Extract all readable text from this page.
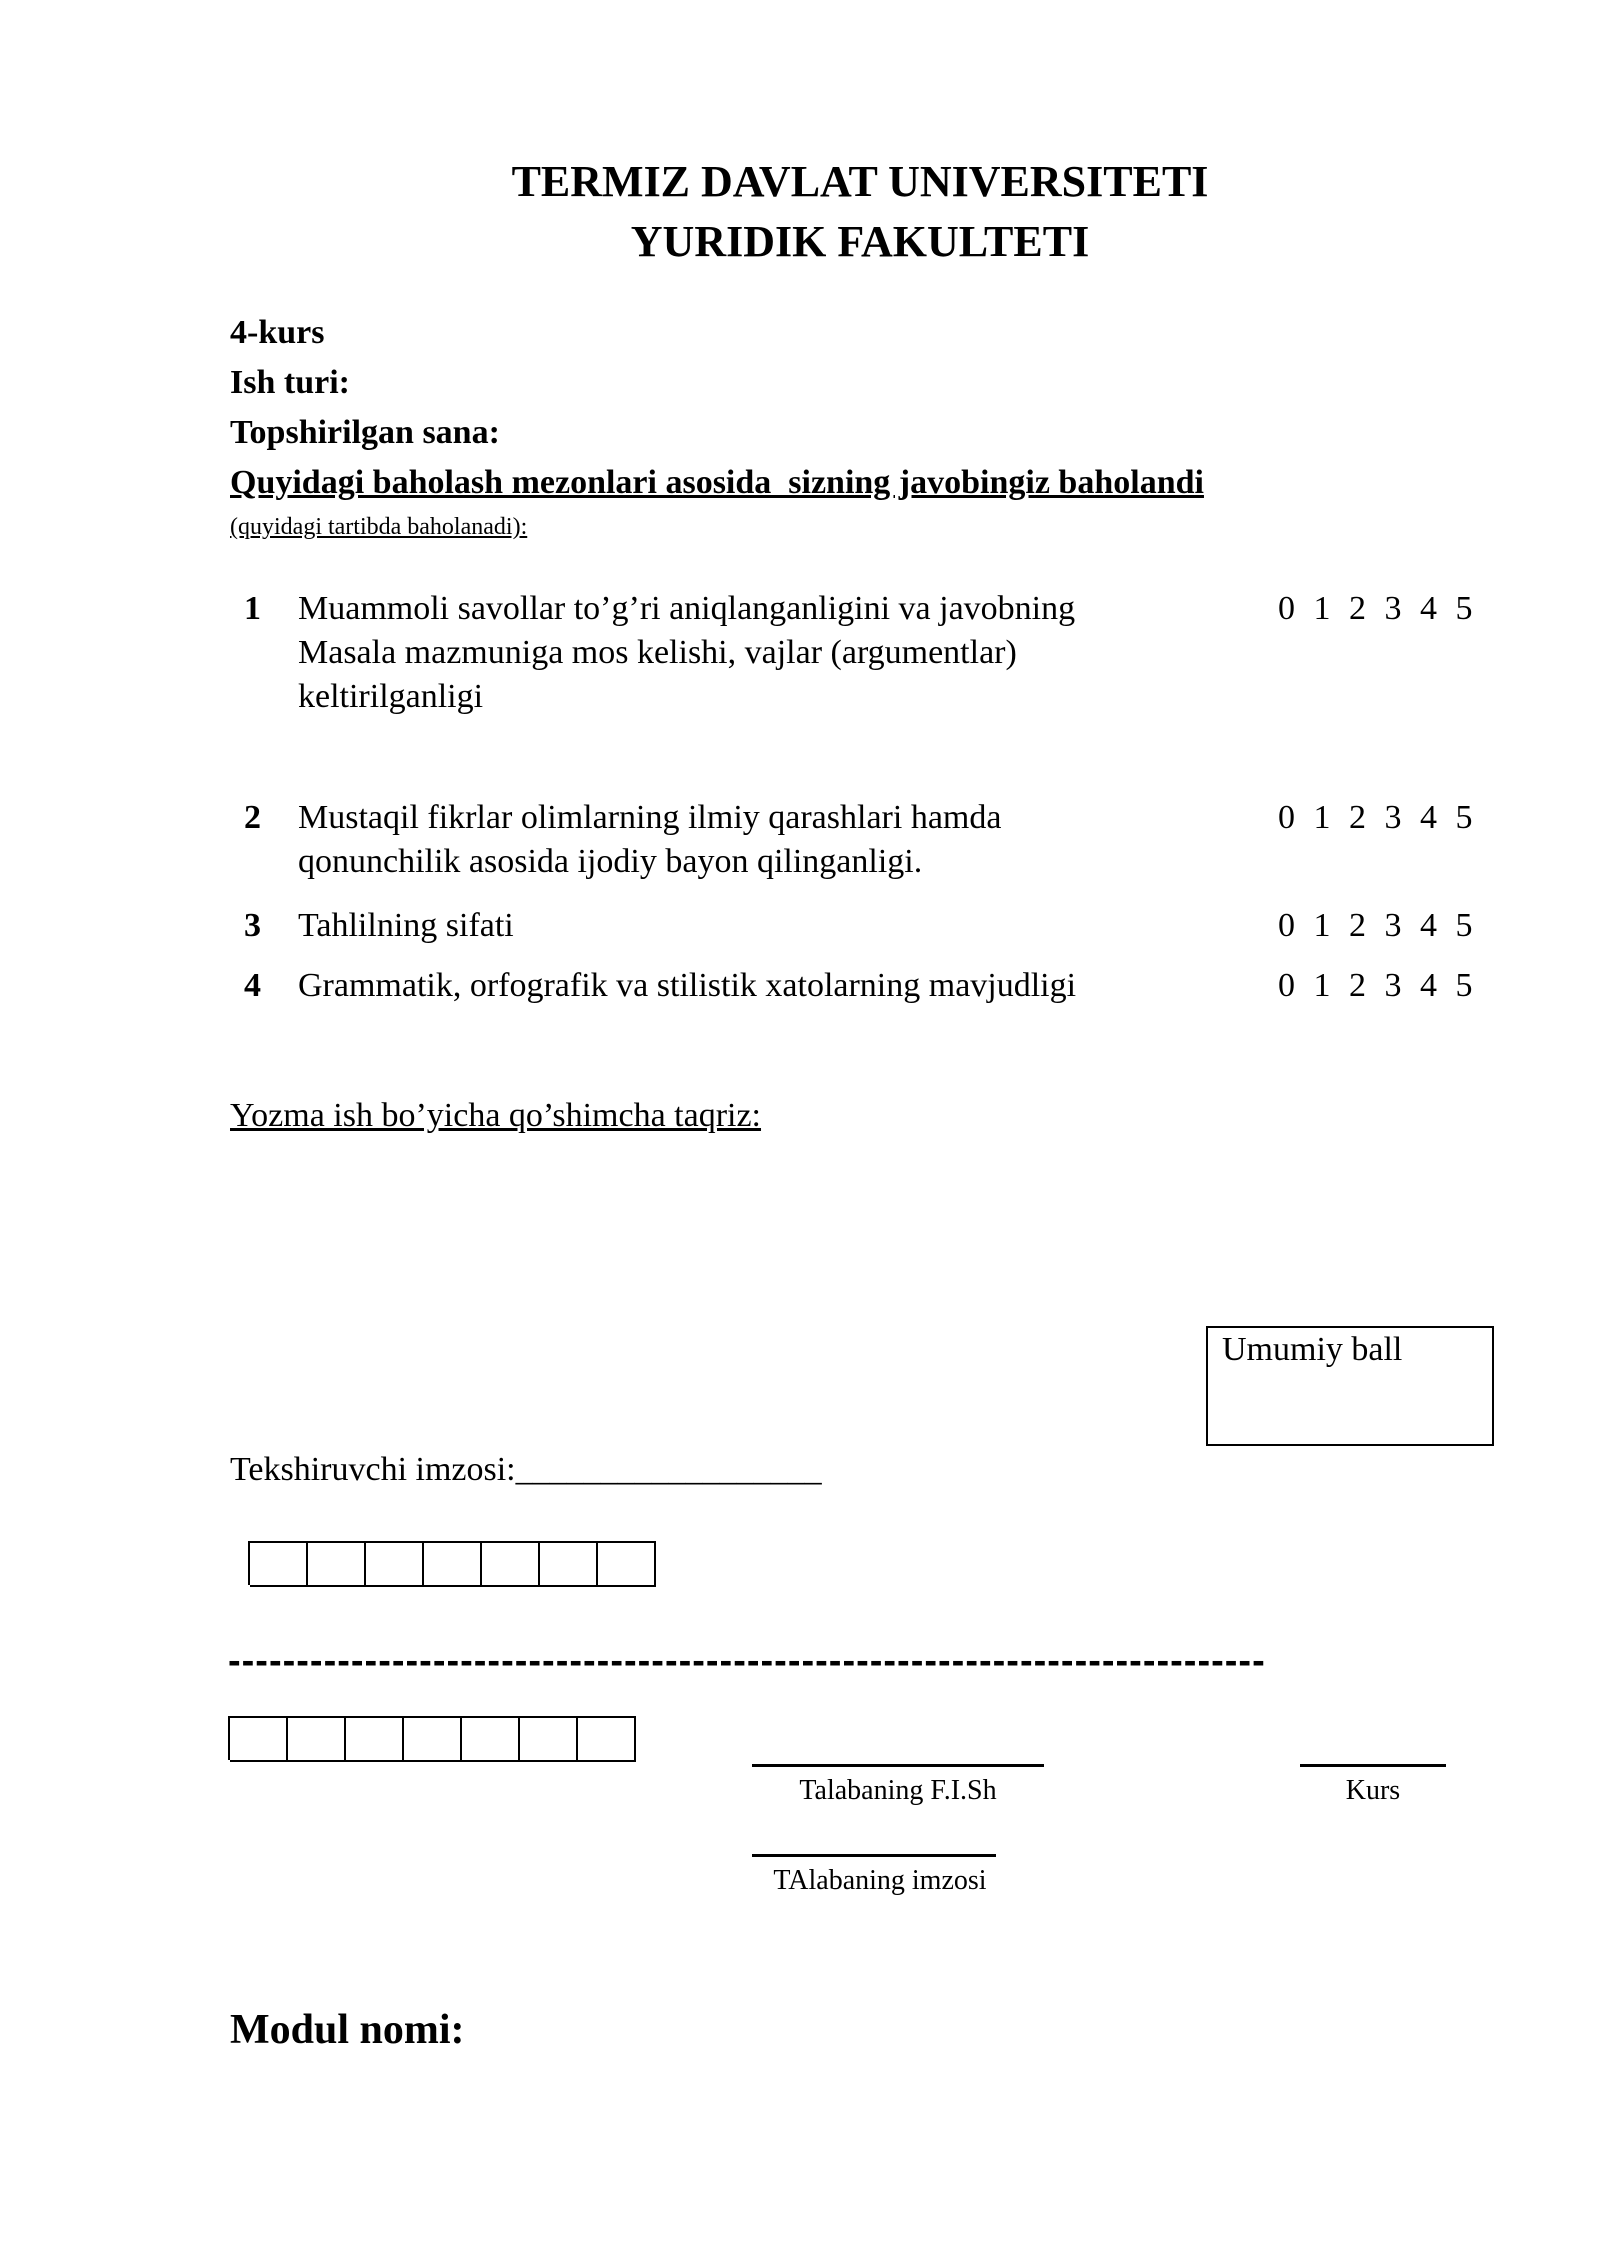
TERMIZ DAVLAT UNIVERSITETI
YURIDIK FAKULTETI
4-kurs
Ish turi:
Topshirilgan sana:
Quyidagi baholash mezonlari asosida  sizning javobingiz baholandi
(quyidagi tartibda baholanadi):
1 Muammoli savollar to’g’ri aniqlanganligini va javobning
Masala mazmuniga mos kelishi, vajlar (argumentlar)
keltirilganligi
0 1 2 3 4 5
2 Mustaqil fikrlar olimlarning ilmiy qarashlari hamda
qonunchilik asosida ijodiy bayon qilinganligi.
0 1 2 3 4 5
3 Tahlilning sifati	0 1 2 3 4 5
4 Grammatik, orfografik va stilistik xatolarning mavjudligi	0 1 2 3 4 5
Yozma ish bo’yicha qo’shimcha taqriz:
Umumiy ball
Tekshiruvchi imzosi:__________________
----------------------------------------------------------------------------
Talabaning F.I.Sh	Kurs
TAlabaning imzosi
Modul nomi:
